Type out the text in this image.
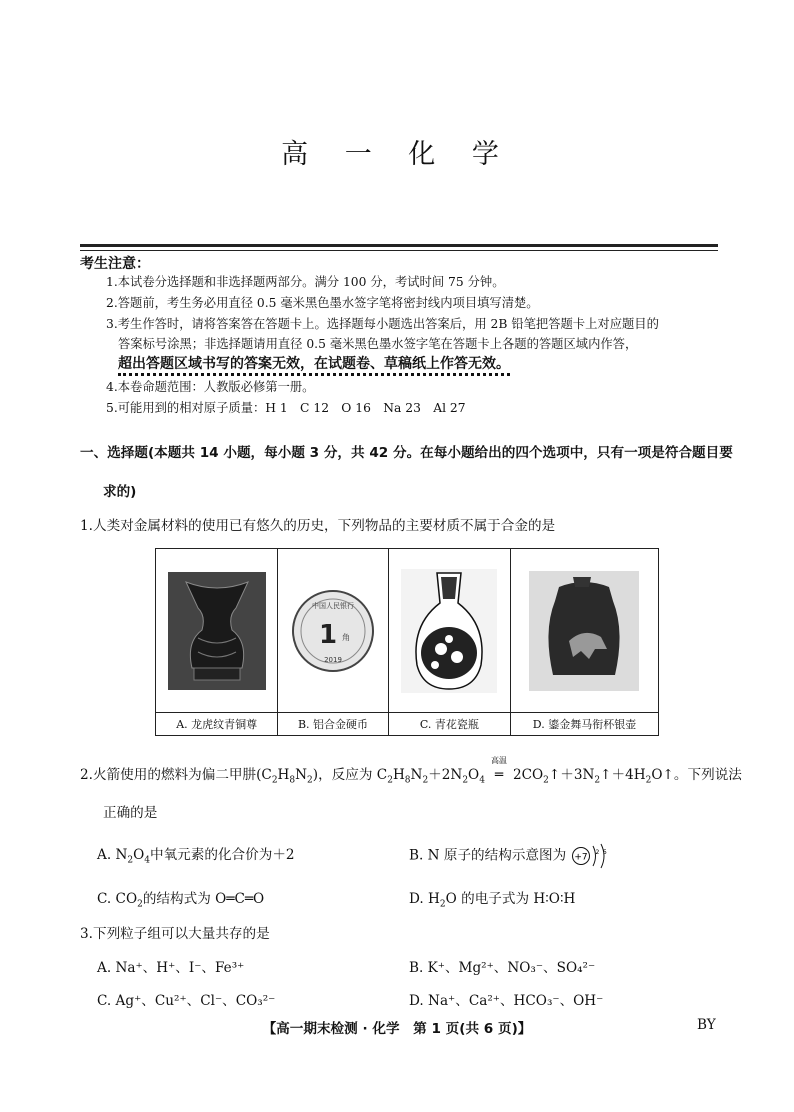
高 一 化 学
考生注意：
1.本试卷分选择题和非选择题两部分。满分 100 分，考试时间 75 分钟。
2.答题前，考生务必用直径 0.5 毫米黑色墨水签字笔将密封线内项目填写清楚。
3.考生作答时，请将答案答在答题卡上。选择题每小题选出答案后，用 2B 铅笔把答题卡上对应题目的
答案标号涂黑；非选择题请用直径 0.5 毫米黑色墨水签字笔在答题卡上各题的答题区域内作答，
超出答题区域书写的答案无效，在试题卷、草稿纸上作答无效。
4.本卷命题范围：人教版必修第一册。
5.可能用到的相对原子质量：H 1　C 12　O 16　Na 23　Al 27
一、选择题(本题共 14 小题，每小题 3 分，共 42 分。在每小题给出的四个选项中，只有一项是符合题目要
求的)
1.人类对金属材料的使用已有悠久的历史，下列物品的主要材质不属于合金的是

中国人民银行
1 角
2019

A. 龙虎纹青铜尊	B. 铝合金硬币	C. 青花瓷瓶	D. 鎏金舞马衔杯银壶
2.火箭使用的燃料为偏二甲肼$(C_2H_8N_2)$，反应为 $C_2H_8N_2+2N_2O_4$
高温
═ $2CO_2↑+3N_2↑+4H_2O↑$。下列说法
正确的是
A. $N_2O_4$中氧元素的化合价为＋2	B. N 原子的结构示意图为 +7 2 5
C. $CO_2$的结构式为 O═C═O	D. $H_2O$ 的电子式为 H∶O∶H
3.下列粒子组可以大量共存的是
A. Na⁺、H⁺、I⁻、Fe³⁺	B. K⁺、Mg²⁺、NO₃⁻、SO₄²⁻
C. Ag⁺、Cu²⁺、Cl⁻、CO₃²⁻	D. Na⁺、Ca²⁺、HCO₃⁻、OH⁻
【高一期末检测 · 化学　第 1 页(共 6 页)】	BY
